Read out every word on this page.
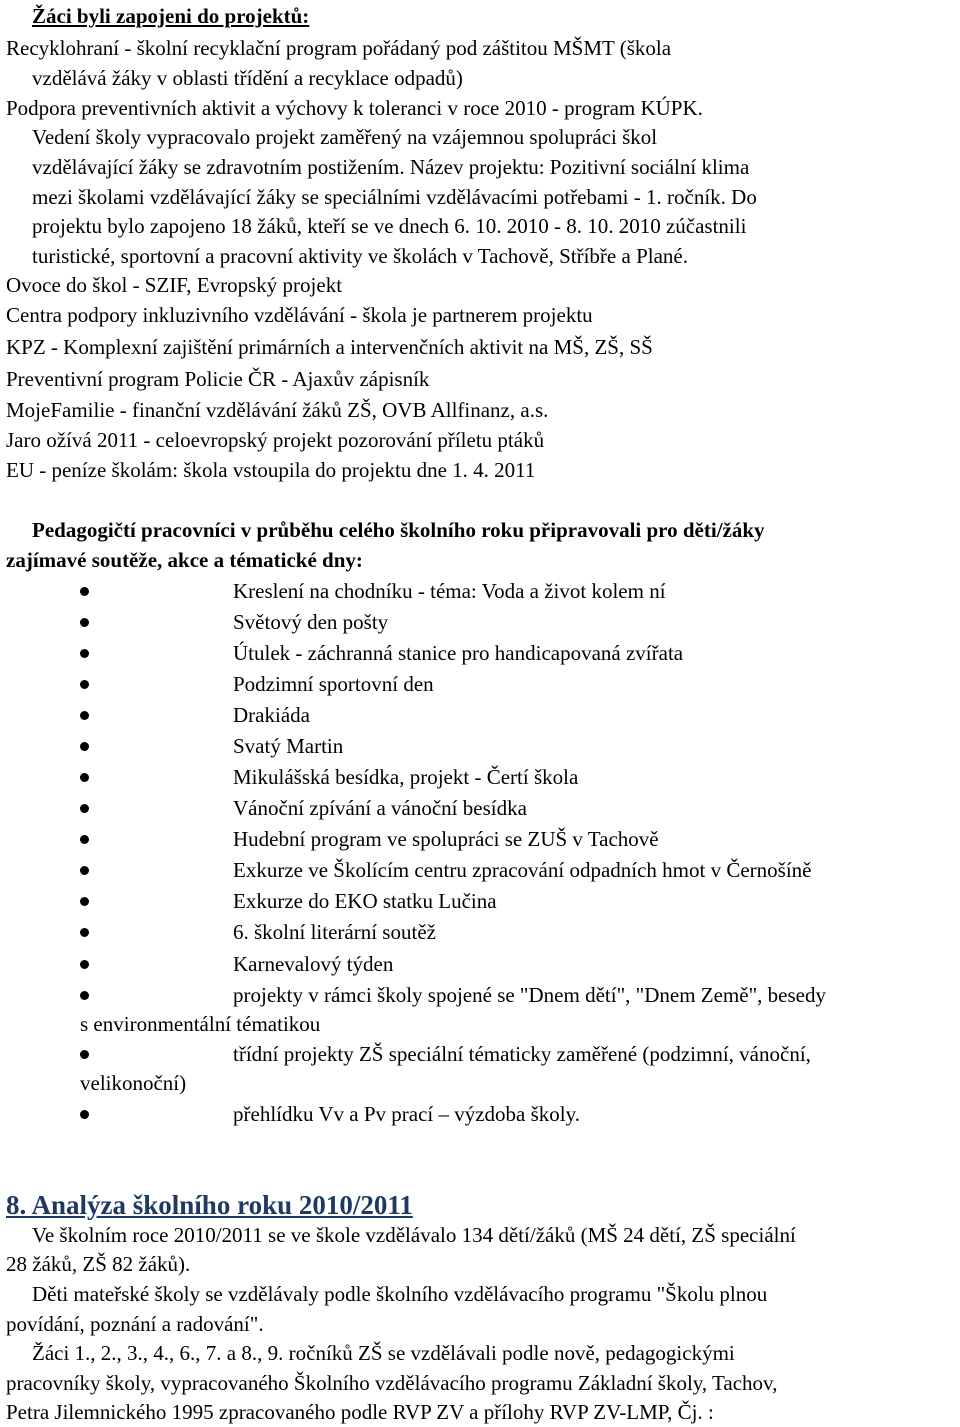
Žáci byli zapojeni do projektů:
Recyklohraní - školní recyklační program pořádaný pod záštitou MŠMT (škola
vzdělává žáky v oblasti třídění a recyklace odpadů)
Podpora preventivních aktivit a výchovy k toleranci v roce 2010 - program KÚPK.
Vedení školy vypracovalo projekt zaměřený na vzájemnou spolupráci škol
vzdělávající žáky se zdravotním postižením. Název projektu: Pozitivní sociální klima
mezi školami vzdělávající žáky se speciálními vzdělávacími potřebami - 1. ročník. Do
projektu bylo zapojeno 18 žáků, kteří se ve dnech 6. 10. 2010 - 8. 10. 2010 zúčastnili
turistické, sportovní a pracovní aktivity ve školách v Tachově, Stříbře a Plané.
Ovoce do škol - SZIF, Evropský projekt
Centra podpory inkluzivního vzdělávání - škola je partnerem projektu
KPZ - Komplexní zajištění primárních a intervenčních aktivit na MŠ, ZŠ, SŠ
Preventivní program Policie ČR - Ajaxův zápisník
MojeFamilie - finanční vzdělávání žáků ZŠ, OVB Allfinanz, a.s.
Jaro ožívá 2011 - celoevropský projekt pozorování příletu ptáků
EU - peníze školám: škola vstoupila do projektu dne 1. 4. 2011
Pedagogičtí pracovníci v průběhu celého školního roku připravovali pro děti/žáky
zajímavé soutěže, akce a tématické dny:
Kreslení na chodníku - téma: Voda a život kolem ní
Světový den pošty
Útulek - záchranná stanice pro handicapovaná zvířata
Podzimní sportovní den
Drakiáda
Svatý Martin
Mikulášská besídka, projekt - Čertí škola
Vánoční zpívání a vánoční besídka
Hudební program ve spolupráci se ZUŠ v Tachově
Exkurze ve Školícím centru zpracování odpadních hmot v Černošíně
Exkurze do EKO statku Lučina
6. školní literární soutěž
Karnevalový týden
projekty v rámci školy spojené se "Dnem dětí", "Dnem Země", besedy
s environmentální tématikou
třídní projekty ZŠ speciální tématicky zaměřené (podzimní, vánoční,
velikonoční)
přehlídku Vv a Pv prací – výzdoba školy.
8. Analýza školního roku 2010/2011
Ve školním roce 2010/2011 se ve škole vzdělávalo 134 dětí/žáků (MŠ 24 dětí, ZŠ speciální
28 žáků, ZŠ 82 žáků).
Děti mateřské školy se vzdělávaly podle školního vzdělávacího programu "Školu plnou
povídání, poznání a radování".
Žáci 1., 2., 3., 4., 6., 7. a 8., 9. ročníků ZŠ se vzdělávali podle nově, pedagogickými
pracovníky školy, vypracovaného Školního vzdělávacího programu Základní školy, Tachov,
Petra Jilemnického 1995 zpracovaného podle RVP ZV a přílohy RVP ZV-LMP, Čj. :
